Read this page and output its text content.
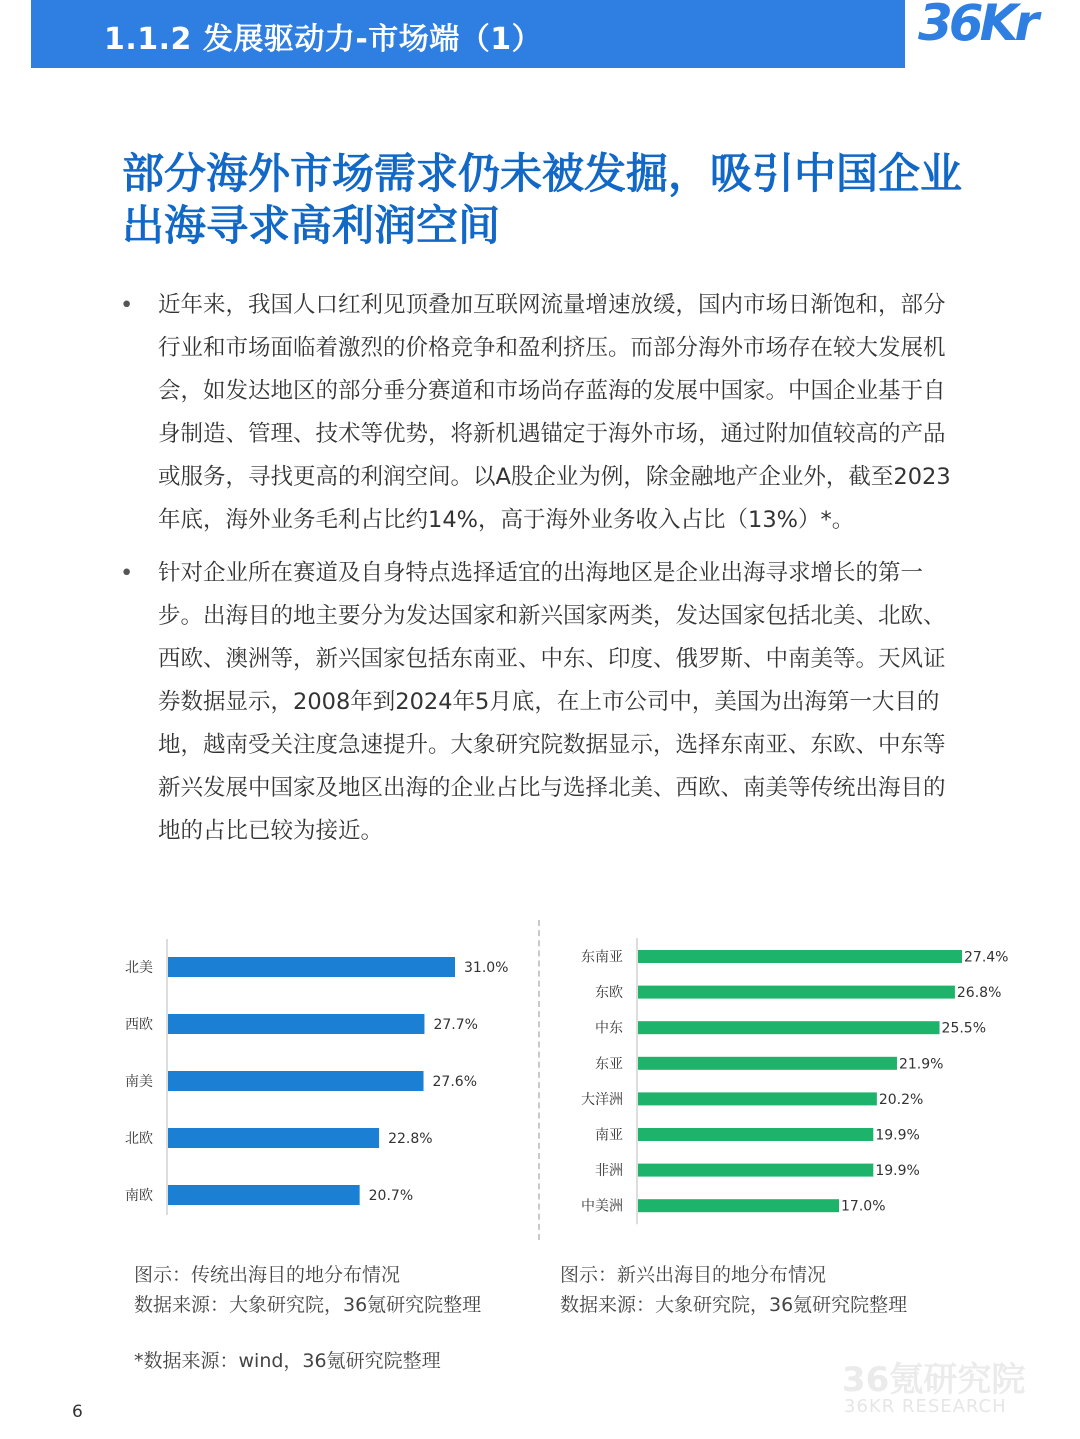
1.1.2 发展驱动力-市场端（1）	36Kr
部分海外市场需求仍未被发掘，吸引中国企业出海寻求高利润空间
• 近年来，我国人口红利见顶叠加互联网流量增速放缓，国内市场日渐饱和，部分行业和市场面临着激烈的价格竞争和盈利挤压。而部分海外市场存在较大发展机会，如发达地区的部分垂分赛道和市场尚存蓝海的发展中国家。中国企业基于自身制造、管理、技术等优势，将新机遇锚定于海外市场，通过附加值较高的产品或服务，寻找更高的利润空间。以A股企业为例，除金融地产企业外，截至2023年底，海外业务毛利占比约14%，高于海外业务收入占比（13%）*。
• 针对企业所在赛道及自身特点选择适宜的出海地区是企业出海寻求增长的第一步。出海目的地主要分为发达国家和新兴国家两类，发达国家包括北美、北欧、西欧、澳洲等，新兴国家包括东南亚、中东、印度、俄罗斯、中南美等。天风证券数据显示，2008年到2024年5月底，在上市公司中，美国为出海第一大目的地，越南受关注度急速提升。大象研究院数据显示，选择东南亚、东欧、中东等新兴发展中国家及地区出海的企业占比与选择北美、西欧、南美等传统出海目的地的占比已较为接近。
北美	31.0%
西欧	27.7%
南美	27.6%
北欧	22.8%
南欧	20.7%
东南亚	27.4%
东欧	26.8%
中东	25.5%
东亚	21.9%
大洋洲	20.2%
南亚	19.9%
非洲	19.9%
中美洲	17.0%
图示：传统出海目的地分布情况
数据来源：大象研究院，36氪研究院整理
图示：新兴出海目的地分布情况
数据来源：大象研究院，36氪研究院整理
*数据来源：wind，36氪研究院整理	36氪研究院
36KR RESEARCH
6
